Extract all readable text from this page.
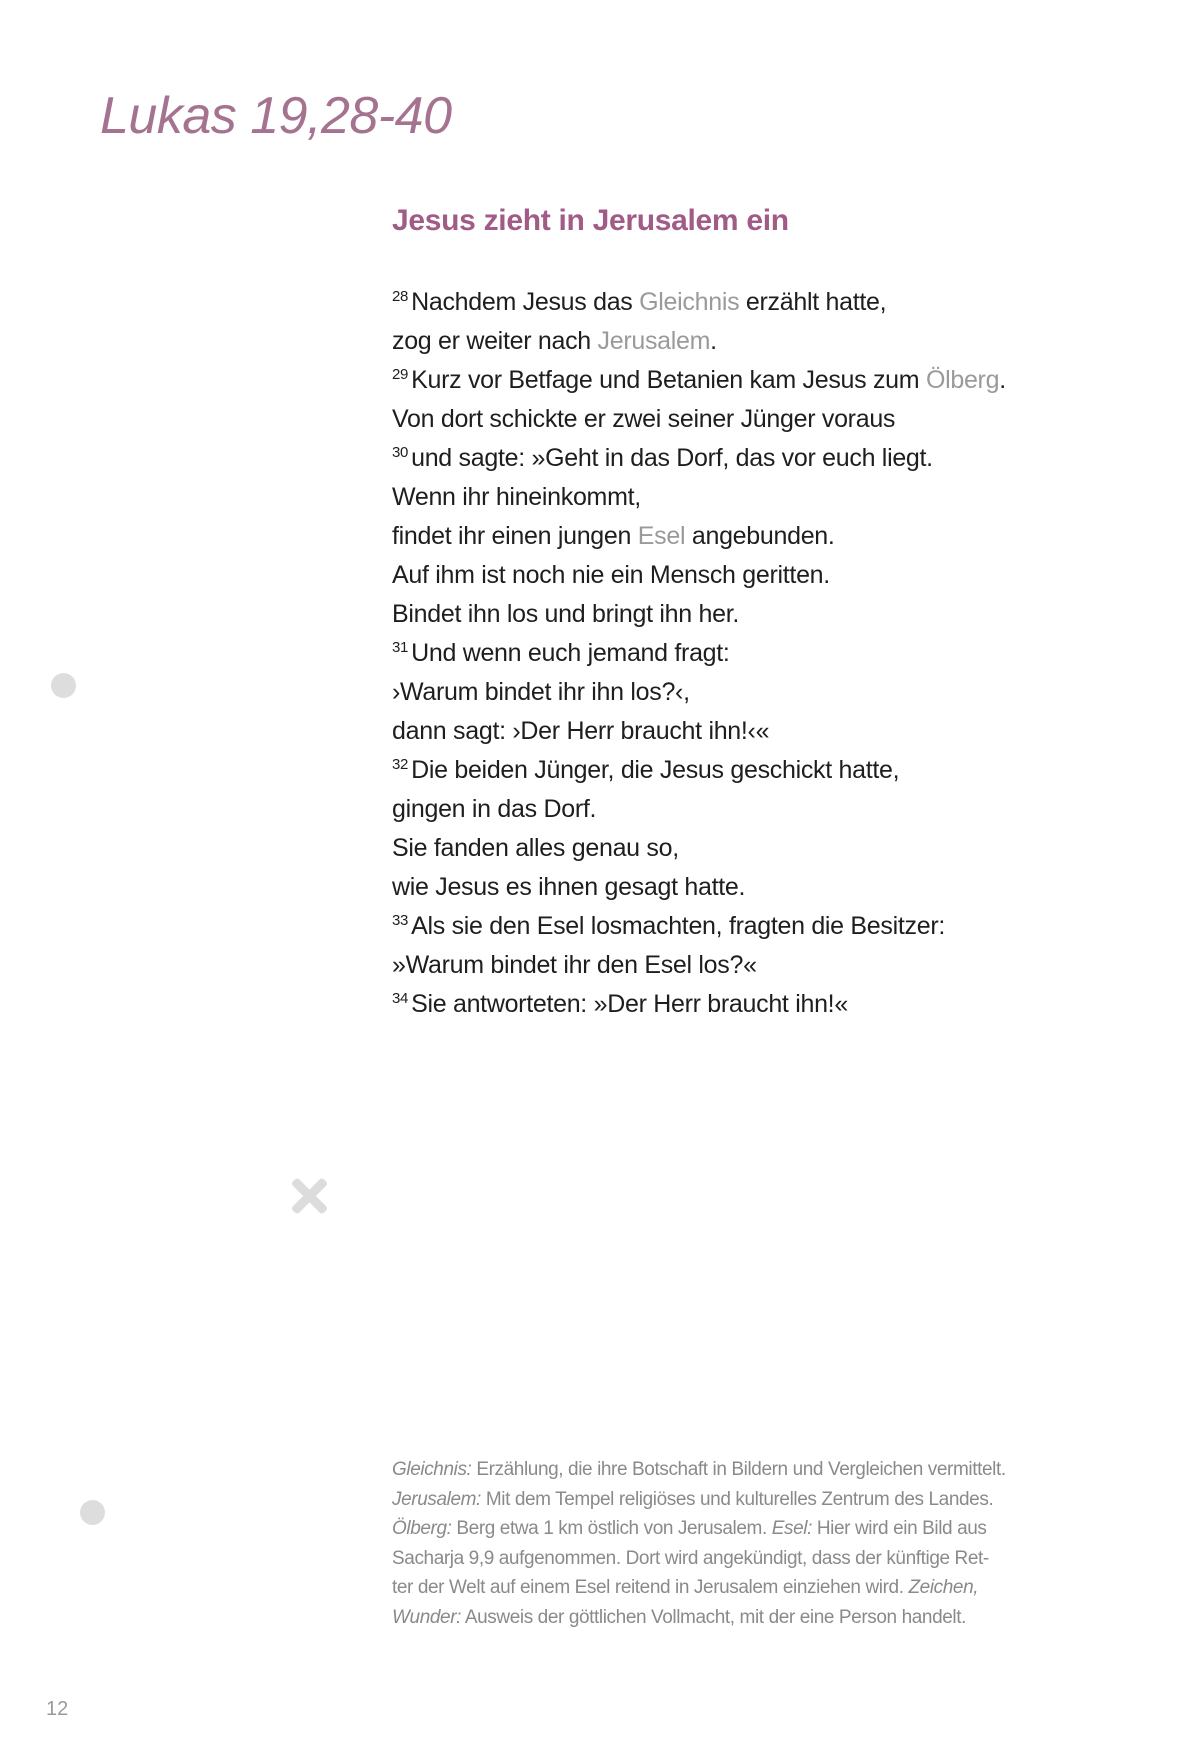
Lukas 19,28-40
Jesus zieht in Jerusalem ein
$^{28}$ Nachdem Jesus das Gleichnis erzählt hatte,
zog er weiter nach Jerusalem.
$^{29}$ Kurz vor Betfage und Betanien kam Jesus zum Ölberg.
Von dort schickte er zwei seiner Jünger voraus
$^{30}$ und sagte: »Geht in das Dorf, das vor euch liegt.
Wenn ihr hineinkommt,
findet ihr einen jungen Esel angebunden.
Auf ihm ist noch nie ein Mensch geritten.
Bindet ihn los und bringt ihn her.
$^{31}$ Und wenn euch jemand fragt:
›Warum bindet ihr ihn los?‹,
dann sagt: ›Der Herr braucht ihn!‹«
$^{32}$ Die beiden Jünger, die Jesus geschickt hatte,
gingen in das Dorf.
Sie fanden alles genau so,
wie Jesus es ihnen gesagt hatte.
$^{33}$ Als sie den Esel losmachten, fragten die Besitzer:
»Warum bindet ihr den Esel los?«
$^{34}$ Sie antworteten: »Der Herr braucht ihn!«
Gleichnis: Erzählung, die ihre Botschaft in Bildern und Vergleichen vermittelt.
Jerusalem: Mit dem Tempel religiöses und kulturelles Zentrum des Landes.
Ölberg: Berg etwa 1 km östlich von Jerusalem. Esel: Hier wird ein Bild aus
Sacharja 9,9 aufgenommen. Dort wird angekündigt, dass der künftige Ret-
ter der Welt auf einem Esel reitend in Jerusalem einziehen wird. Zeichen,
Wunder: Ausweis der göttlichen Vollmacht, mit der eine Person handelt.
12
